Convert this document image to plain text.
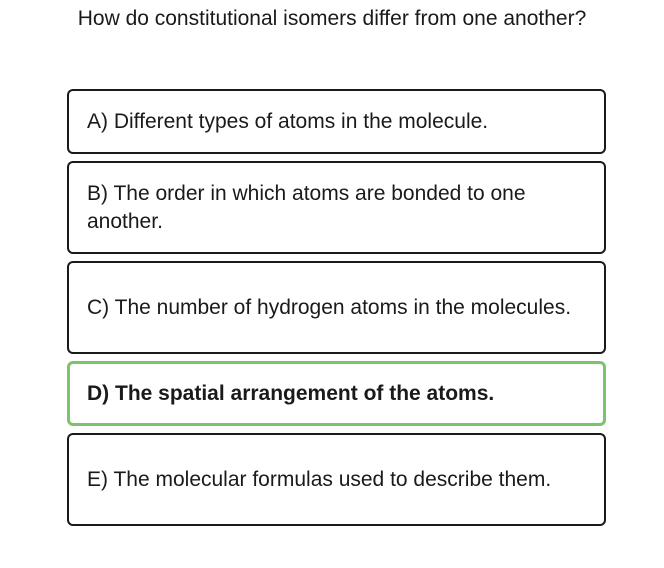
How do constitutional isomers differ from one another?
A) Different types of atoms in the molecule.
B) The order in which atoms are bonded to one another.
C) The number of hydrogen atoms in the molecules.
D) The spatial arrangement of the atoms.
E) The molecular formulas used to describe them.
